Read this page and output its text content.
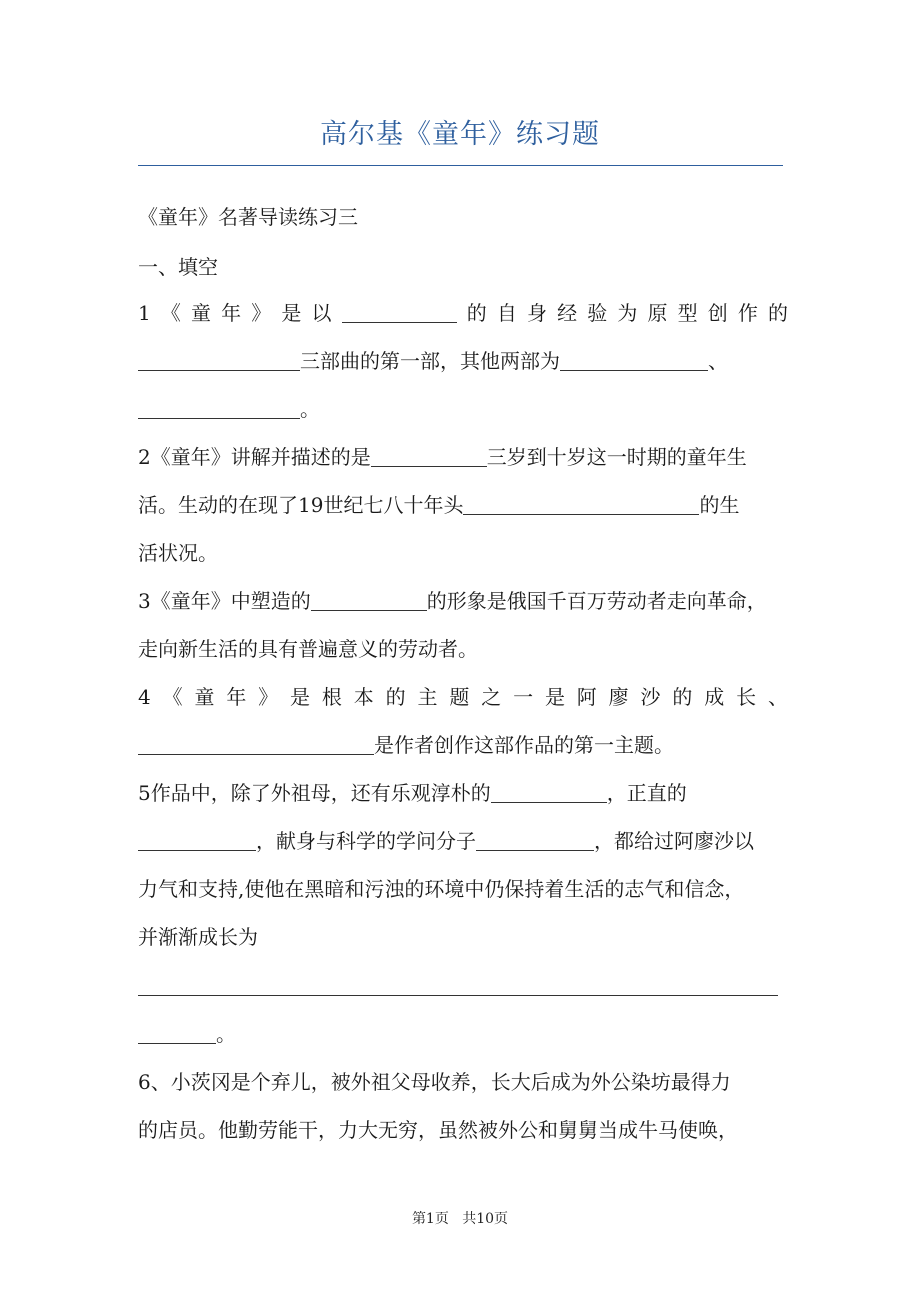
高尔基《童年》练习题
《童年》名著导读练习三
一、填空
1《童年》是以	的自身经验为原型创作的
三部曲的第一部，其他两部为	、
。
2《童年》讲解并描述的是	三岁到十岁这一时期的童年生
活。生动的在现了19世纪七八十年头	的生
活状况。
3《童年》中塑造的	的形象是俄国千百万劳动者走向革命，
走向新生活的具有普遍意义的劳动者。
4《童年》是根本的主题之一是阿廖沙的成长、
是作者创作这部作品的第一主题。
5作品中，除了外祖母，还有乐观淳朴的	，正直的
，献身与科学的学问分子	，都给过阿廖沙以
力气和支持,使他在黑暗和污浊的环境中仍保持着生活的志气和信念，
并渐渐成长为
。
6、小茨冈是个弃儿，被外祖父母收养，长大后成为外公染坊最得力
的店员。他勤劳能干，力大无穷，虽然被外公和舅舅当成牛马使唤，
第1页 共10页
